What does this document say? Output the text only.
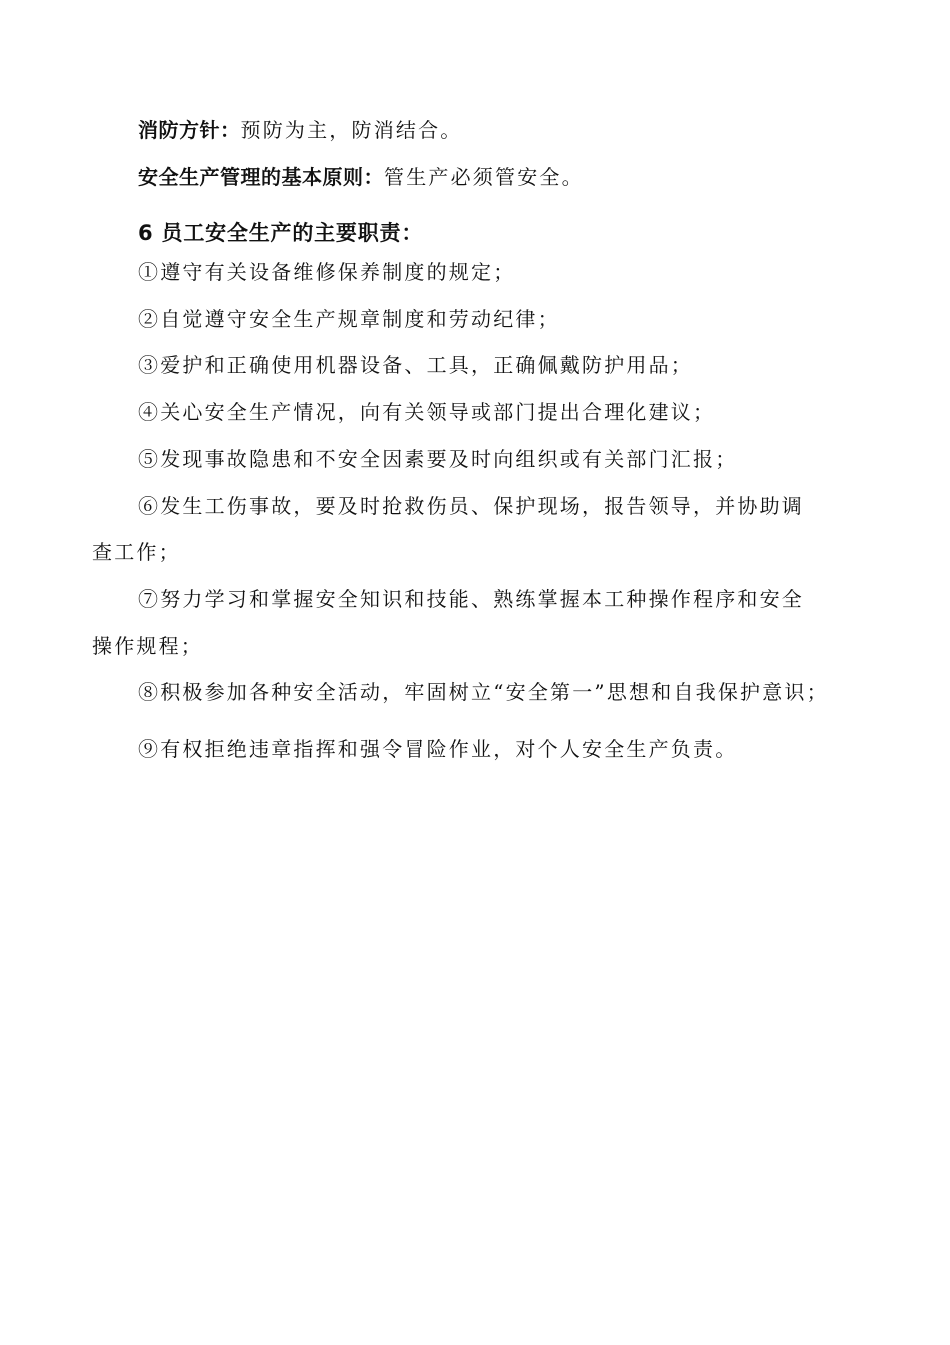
消防方针：预防为主，防消结合。
安全生产管理的基本原则：管生产必须管安全。
6 员工安全生产的主要职责：
①遵守有关设备维修保养制度的规定；
②自觉遵守安全生产规章制度和劳动纪律；
③爱护和正确使用机器设备、工具，正确佩戴防护用品；
④关心安全生产情况，向有关领导或部门提出合理化建议；
⑤发现事故隐患和不安全因素要及时向组织或有关部门汇报；
⑥发生工伤事故，要及时抢救伤员、保护现场，报告领导，并协助调
查工作；
⑦努力学习和掌握安全知识和技能、熟练掌握本工种操作程序和安全
操作规程；
⑧积极参加各种安全活动，牢固树立“安全第一”思想和自我保护意识；
⑨有权拒绝违章指挥和强令冒险作业，对个人安全生产负责。
